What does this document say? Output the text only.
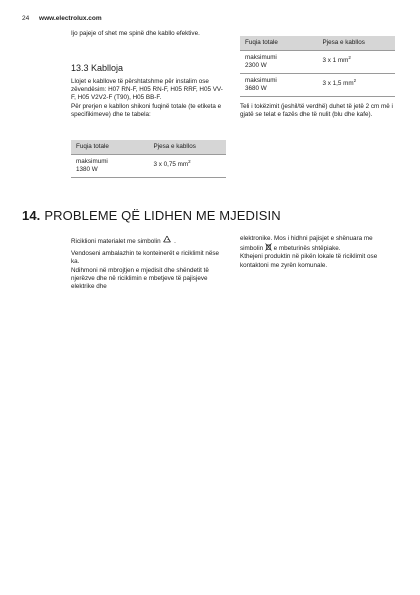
24 www.electrolux.com

Ijo pajeje of shet me spinë dhe kabllo efektive.

13.3 Kablloja

Llojet e kabllove të përshtatshme për instalim ose zëvendësim: H07 RN-F, H05 RN-F, H05 RRF, H05 VV-F, H05 V2V2-F (T90), H05 BB-F.

Për prerjen e kabllon shikoni fuqinë totale (te etiketa e specifikimeve) dhe te tabela:

Fuqia totale	Pjesa e kabllos
maksimumi
1380 W	3 x 0,75 $mm^2$
Fuqia totale	Pjesa e kabllos
maksimumi
2300 W	3 x 1 $mm^2$
maksimumi
3680 W	3 x 1,5 $mm^2$

Teli i tokëzimit (jeshil/të verdhë) duhet të jetë 2 cm më i gjatë se telat e fazës dhe të nulit (blu dhe kafe).

14. PROBLEME QË LIDHEN ME MJEDISIN

Riciklioni materialet me simbolin .

Vendoseni ambalazhin te konteinerët e riciklimit nëse ka.

Ndihmoni në mbrojtjen e mjedisit dhe shëndetit të njerëzve dhe në riciklimin e mbetjeve të pajisjeve elektrike dhe

elektronike. Mos i hidhni pajisjet e shënuara me simbolin e mbeturinës shtëpiake.

Kthejeni produktin në pikën lokale të riciklimit ose kontaktoni me zyrën komunale.
